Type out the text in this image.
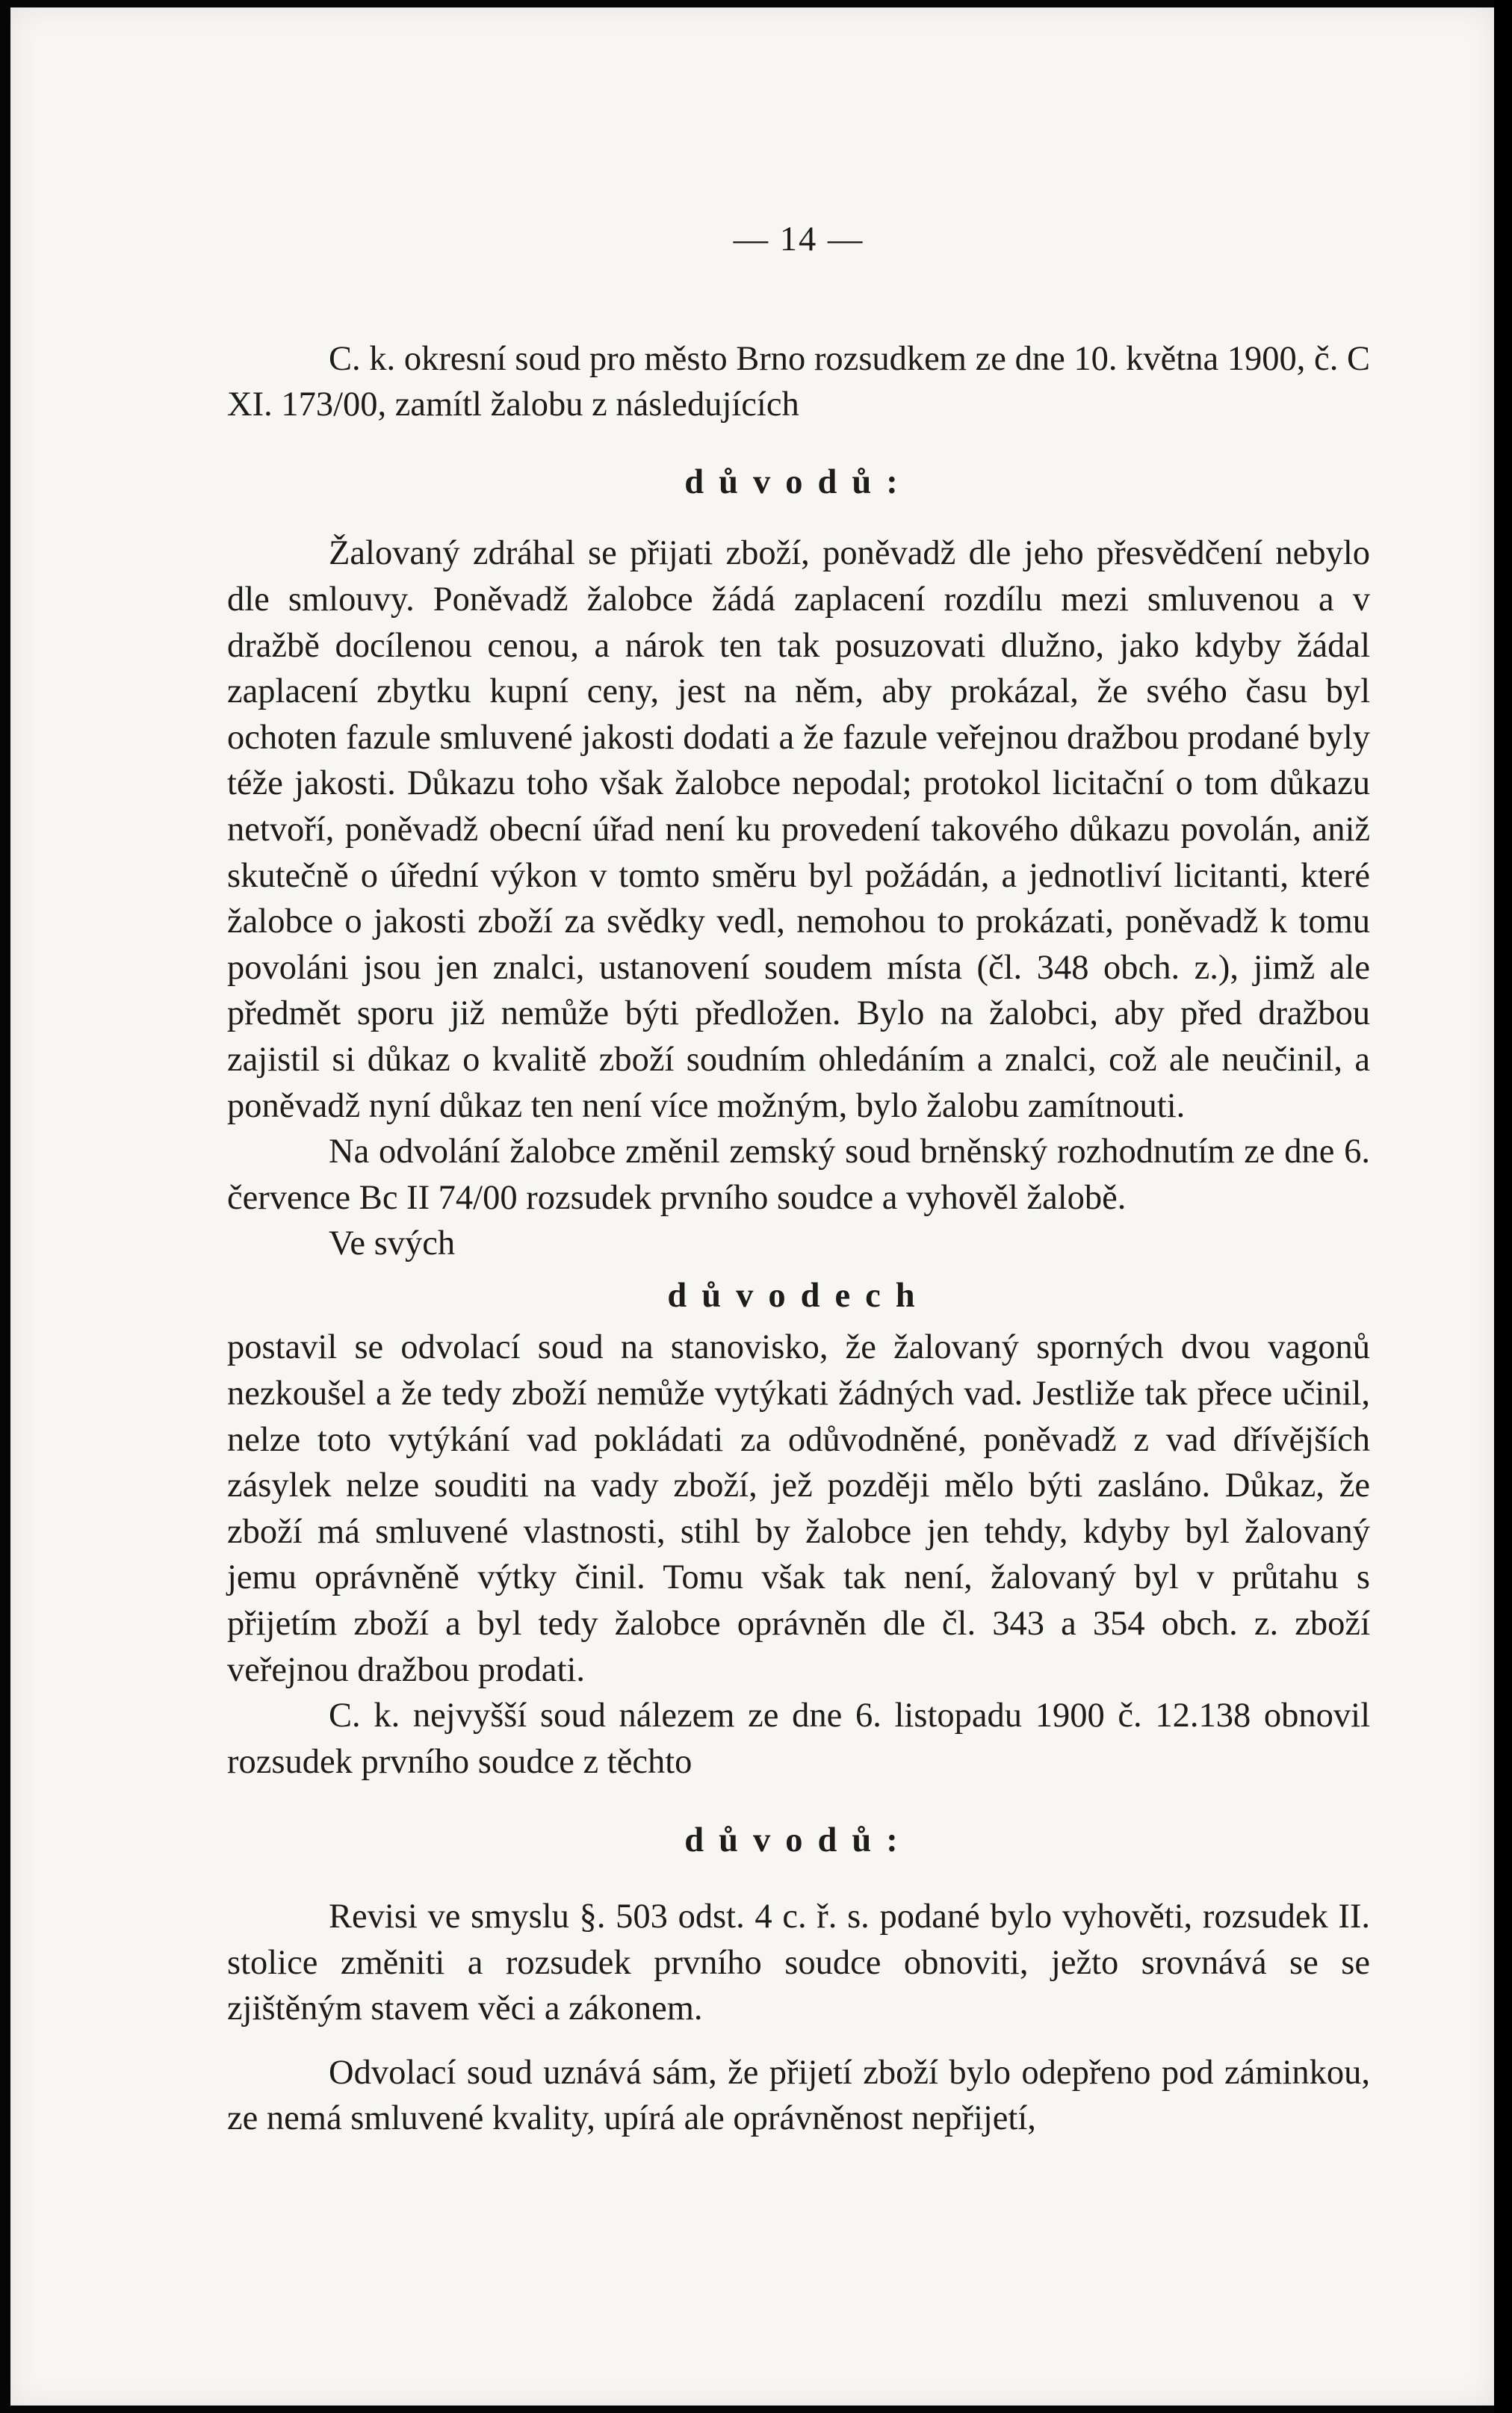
— 14 —

C. k. okresní soud pro město Brno rozsudkem ze dne 10. května 1900, č. C XI. 173/00, zamítl žalobu z následujících

důvodů:

Žalovaný zdráhal se přijati zboží, poněvadž dle jeho přesvědčení nebylo dle smlouvy. Poněvadž žalobce žádá zaplacení rozdílu mezi smluvenou a v dražbě docílenou cenou, a nárok ten tak posuzovati dlužno, jako kdyby žádal zaplacení zbytku kupní ceny, jest na něm, aby prokázal, že svého času byl ochoten fazule smluvené jakosti dodati a že fazule veřejnou dražbou prodané byly téže jakosti. Důkazu toho však žalobce nepodal; protokol licitační o tom důkazu netvoří, poněvadž obecní úřad není ku provedení takového důkazu povolán, aniž skutečně o úřední výkon v tomto směru byl požádán, a jednotliví licitanti, které žalobce o jakosti zboží za svědky vedl, nemohou to prokázati, poněvadž k tomu povoláni jsou jen znalci, ustanovení soudem místa (čl. 348 obch. z.), jimž ale předmět sporu již nemůže býti předložen. Bylo na žalobci, aby před dražbou zajistil si důkaz o kvalitě zboží soudním ohledáním a znalci, což ale neučinil, a poněvadž nyní důkaz ten není více možným, bylo žalobu zamítnouti.

Na odvolání žalobce změnil zemský soud brněnský rozhodnutím ze dne 6. července Bc II 74/00 rozsudek prvního soudce a vyhověl žalobě.

Ve svých

důvodech

postavil se odvolací soud na stanovisko, že žalovaný sporných dvou vagonů nezkoušel a že tedy zboží nemůže vytýkati žádných vad. Jestliže tak přece učinil, nelze toto vytýkání vad pokládati za odůvodněné, poněvadž z vad dřívějších zásylek nelze souditi na vady zboží, jež později mělo býti zasláno. Důkaz, že zboží má smluvené vlastnosti, stihl by žalobce jen tehdy, kdyby byl žalovaný jemu oprávněně výtky činil. Tomu však tak není, žalovaný byl v průtahu s přijetím zboží a byl tedy žalobce oprávněn dle čl. 343 a 354 obch. z. zboží veřejnou dražbou prodati.

C. k. nejvyšší soud nálezem ze dne 6. listopadu 1900 č. 12.138 obnovil rozsudek prvního soudce z těchto

důvodů:

Revisi ve smyslu §. 503 odst. 4 c. ř. s. podané bylo vyhověti, rozsudek II. stolice změniti a rozsudek prvního soudce obnoviti, ježto srovnává se se zjištěným stavem věci a zákonem.

Odvolací soud uznává sám, že přijetí zboží bylo odepřeno pod záminkou, ze nemá smluvené kvality, upírá ale oprávněnost nepřijetí,
